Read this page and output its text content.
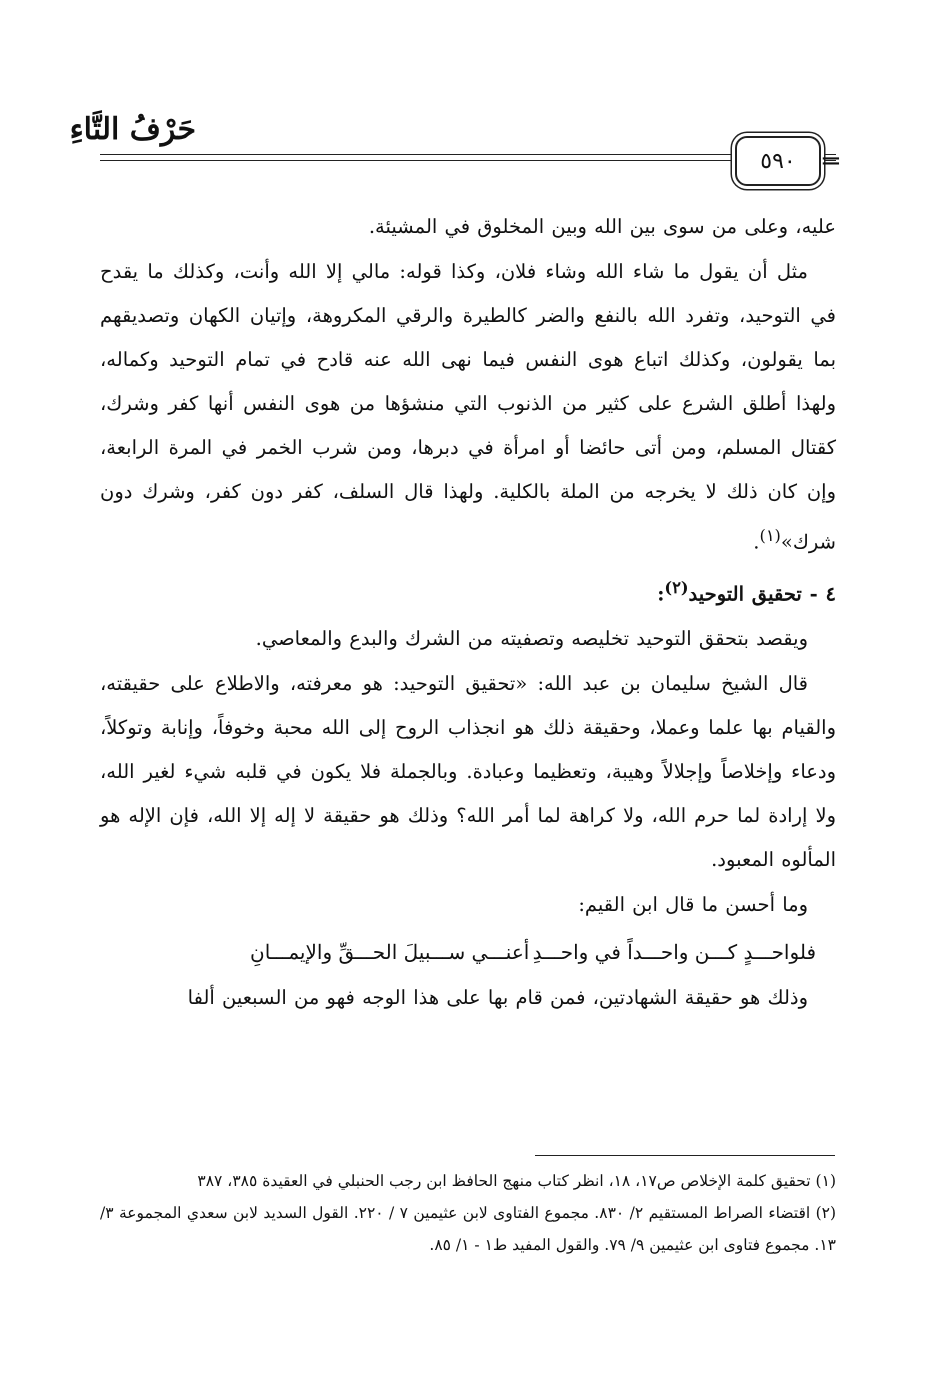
حَرْفُ التَّاءِ
٥٩٠ =

عليه، وعلى من سوى بين الله وبين المخلوق في المشيئة.

مثل أن يقول ما شاء الله وشاء فلان، وكذا قوله: مالي إلا الله وأنت، وكذلك ما يقدح في التوحيد، وتفرد الله بالنفع والضر كالطيرة والرقي المكروهة، وإتيان الكهان وتصديقهم بما يقولون، وكذلك اتباع هوى النفس فيما نهى الله عنه قادح في تمام التوحيد وكماله، ولهذا أطلق الشرع على كثير من الذنوب التي منشؤها من هوى النفس أنها كفر وشرك، كقتال المسلم، ومن أتى حائضا أو امرأة في دبرها، ومن شرب الخمر في المرة الرابعة، وإن كان ذلك لا يخرجه من الملة بالكلية. ولهذا قال السلف، كفر دون كفر، وشرك دون شرك»$^{(١)}$.

٤ - تحقيق التوحيد$^{(٢)}$:

ويقصد بتحقق التوحيد تخليصه وتصفيته من الشرك والبدع والمعاصي.

قال الشيخ سليمان بن عبد الله: «تحقيق التوحيد: هو معرفته، والاطلاع على حقيقته، والقيام بها علما وعملا، وحقيقة ذلك هو انجذاب الروح إلى الله محبة وخوفاً، وإنابة وتوكلاً، ودعاء وإخلاصاً وإجلالاً وهيبة، وتعظيما وعبادة. وبالجملة فلا يكون في قلبه شيء لغير الله، ولا إرادة لما حرم الله، ولا كراهة لما أمر الله؟ وذلك هو حقيقة لا إله إلا الله، فإن الإله هو المألوه المعبود.

وما أحسن ما قال ابن القيم:

فلواحـــدٍ كـــن واحـــداً في واحـــدِ
أعنـــي ســـبيلَ الحـــقِّ والإيمـــانِ

وذلك هو حقيقة الشهادتين، فمن قام بها على هذا الوجه فهو من السبعين ألفا

(١) تحقيق كلمة الإخلاص ص١٧، ١٨، انظر كتاب منهج الحافظ ابن رجب الحنبلي في العقيدة ٣٨٥، ٣٨٧

(٢) اقتضاء الصراط المستقيم ٢/ ٨٣٠. مجموع الفتاوى لابن عثيمين ٧ / ٢٢٠. القول السديد لابن سعدي المجموعة ٣/ ١٣. مجموع فتاوى ابن عثيمين ٩/ ٧٩. والقول المفيد ط١ - ١/ ٨٥.
